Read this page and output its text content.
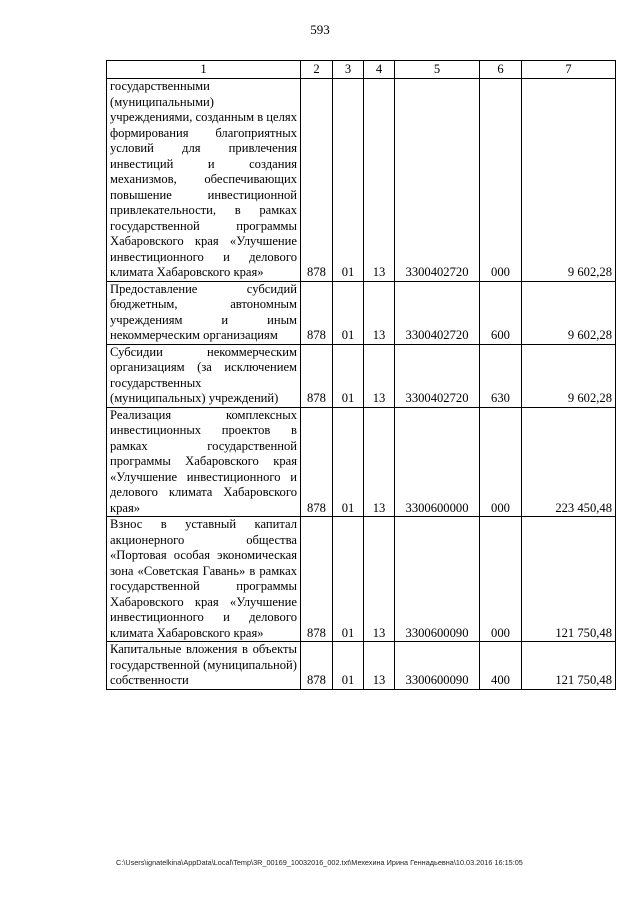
593
1	2	3	4	5	6	7
государственными (муниципальными) учреждениями, созданным в целях формирования благоприятных условий для привлечения инвестиций и создания механизмов, обеспечивающих повышение инвестиционной привлекательности, в рамках государственной программы Хабаровского края «Улучшение инвестиционного и делового климата Хабаровского края»	878	01	13	3300402720	000	9 602,28
Предоставление субсидий бюджетным, автономным учреждениям и иным некоммерческим организациям	878	01	13	3300402720	600	9 602,28
Субсидии некоммерческим организациям (за исключением государственных (муниципальных) учреждений)	878	01	13	3300402720	630	9 602,28
Реализация комплексных инвестиционных проектов в рамках государственной программы Хабаровского края «Улучшение инвестиционного и делового климата Хабаровского края»	878	01	13	3300600000	000	223 450,48
Взнос в уставный капитал акционерного общества «Портовая особая экономическая зона «Советская Гавань» в рамках государственной программы Хабаровского края «Улучшение инвестиционного и делового климата Хабаровского края»	878	01	13	3300600090	000	121 750,48
Капитальные вложения в объекты государственной (муниципальной) собственности	878	01	13	3300600090	400	121 750,48
C:\Users\ignatelkina\AppData\Local\Temp\3R_00169_10032016_002.txt\Мехехина Ирина Геннадьевна\10.03.2016 16:15:05
